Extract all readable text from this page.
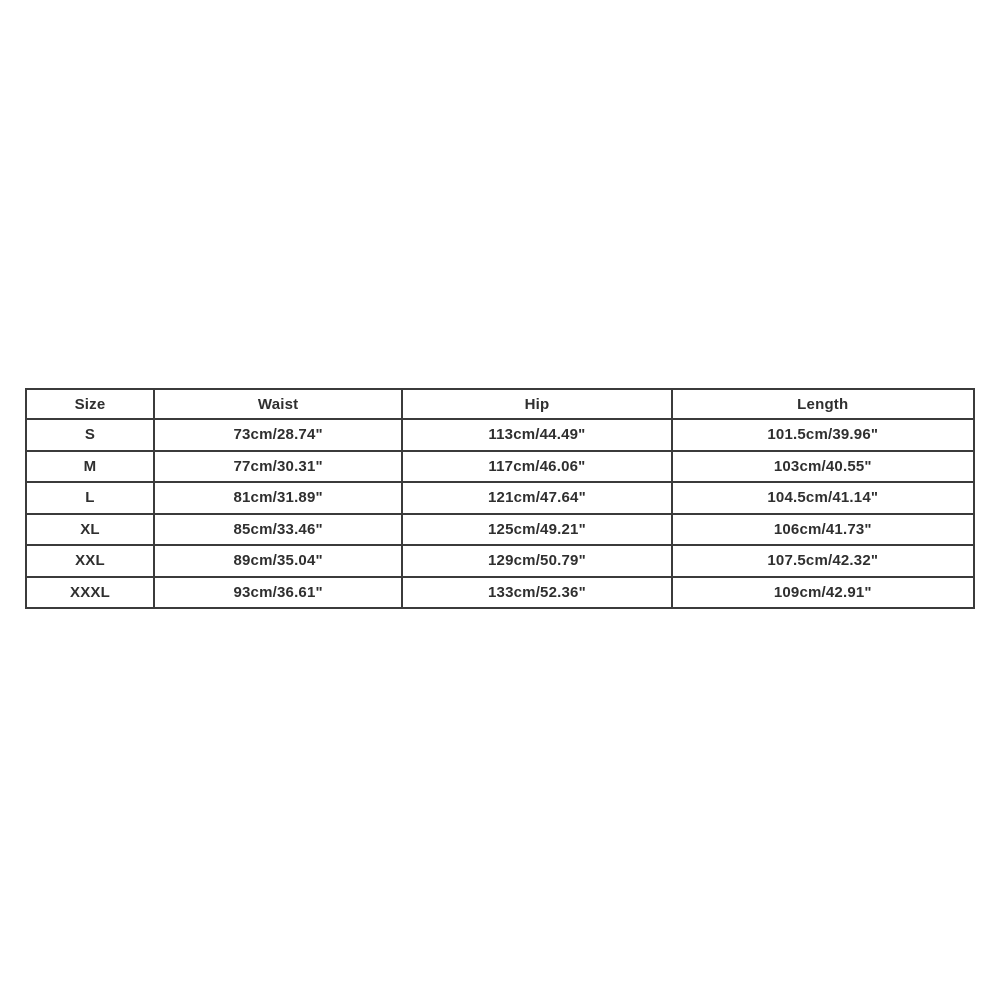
Size	Waist	Hip	Length
S	73cm/28.74"	113cm/44.49"	101.5cm/39.96"
M	77cm/30.31"	117cm/46.06"	103cm/40.55"
L	81cm/31.89"	121cm/47.64"	104.5cm/41.14"
XL	85cm/33.46"	125cm/49.21"	106cm/41.73"
XXL	89cm/35.04"	129cm/50.79"	107.5cm/42.32"
XXXL	93cm/36.61"	133cm/52.36"	109cm/42.91"
